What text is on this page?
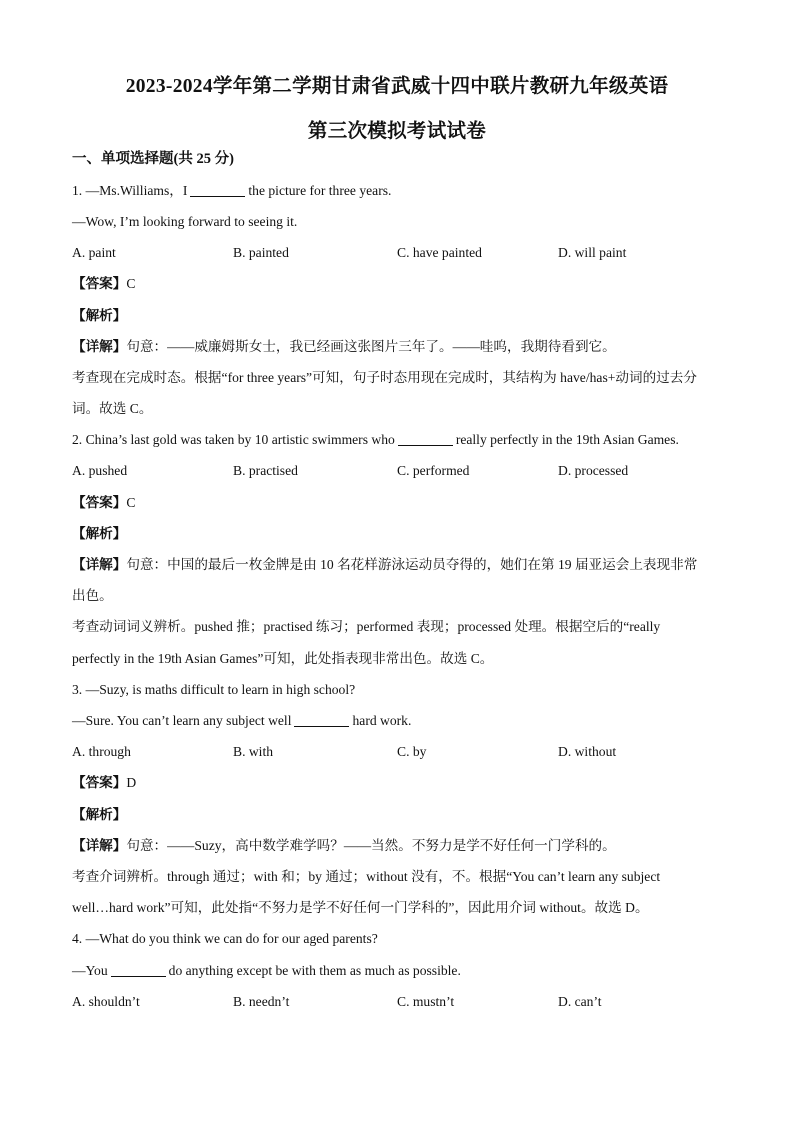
2023-2024学年第二学期甘肃省武威十四中联片教研九年级英语
第三次模拟考试试卷
一、单项选择题(共 25 分)
1. —Ms.Williams，I	the picture for three years.
—Wow, I’m looking forward to seeing it.
A. paint	B. painted	C. have painted	D. will paint
【答案】C
【解析】
【详解】句意：——威廉姆斯女士，我已经画这张图片三年了。——哇呜，我期待看到它。
考查现在完成时态。根据“for three years”可知，句子时态用现在完成时，其结构为 have/has+动词的过去分
词。故选 C。
2. China’s last gold was taken by 10 artistic swimmers who	really perfectly in the 19th Asian Games.
A. pushed	B. practised	C. performed	D. processed
【答案】C
【解析】
【详解】句意：中国的最后一枚金牌是由 10 名花样游泳运动员夺得的，她们在第 19 届亚运会上表现非常
出色。
考查动词词义辨析。pushed 推；practised 练习；performed 表现；processed 处理。根据空后的“really
perfectly in the 19th Asian Games”可知，此处指表现非常出色。故选 C。
3. —Suzy, is maths difficult to learn in high school?
—Sure. You can’t learn any subject well	hard work.
A. through	B. with	C. by	D. without
【答案】D
【解析】
【详解】句意：——Suzy，高中数学难学吗？——当然。不努力是学不好任何一门学科的。
考查介词辨析。through 通过；with 和；by 通过；without 没有，不。根据“You can’t learn any subject
well…hard work”可知，此处指“不努力是学不好任何一门学科的”，因此用介词 without。故选 D。
4. —What do you think we can do for our aged parents?
—You	do anything except be with them as much as possible.
A. shouldn’t	B. needn’t	C. mustn’t	D. can’t
